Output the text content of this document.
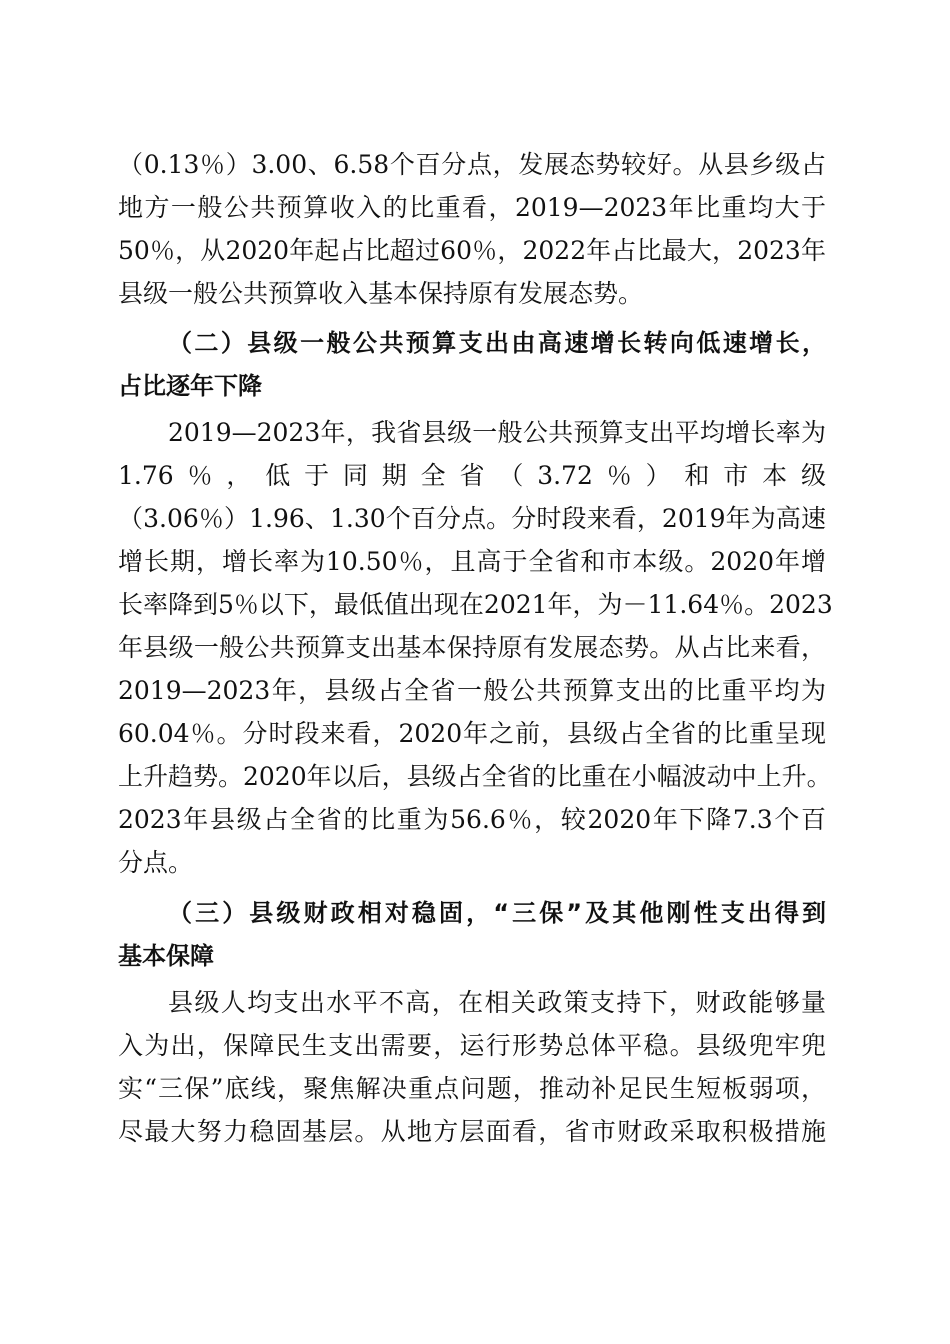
（0.13％）3.00、6.58个百分点，发展态势较好。从县乡级占
地方一般公共预算收入的比重看，2019—2023年比重均大于
50％，从2020年起占比超过60％，2022年占比最大，2023年
县级一般公共预算收入基本保持原有发展态势。
（二）县级一般公共预算支出由高速增长转向低速增长，
占比逐年下降
2019—2023年，我省县级一般公共预算支出平均增长率为
1.76％，低于同期全省（3.72％）和市本级
（3.06％）1.96、1.30个百分点。分时段来看，2019年为高速
增长期，增长率为10.50％，且高于全省和市本级。2020年增
长率降到5％以下，最低值出现在2021年，为－11.64％。2023
年县级一般公共预算支出基本保持原有发展态势。从占比来看，
2019—2023年，县级占全省一般公共预算支出的比重平均为
60.04％。分时段来看，2020年之前，县级占全省的比重呈现
上升趋势。2020年以后，县级占全省的比重在小幅波动中上升。
2023年县级占全省的比重为56.6％，较2020年下降7.3个百
分点。
（三）县级财政相对稳固，“三保”及其他刚性支出得到
基本保障
县级人均支出水平不高，在相关政策支持下，财政能够量
入为出，保障民生支出需要，运行形势总体平稳。县级兜牢兜
实“三保”底线，聚焦解决重点问题，推动补足民生短板弱项，
尽最大努力稳固基层。从地方层面看，省市财政采取积极措施
